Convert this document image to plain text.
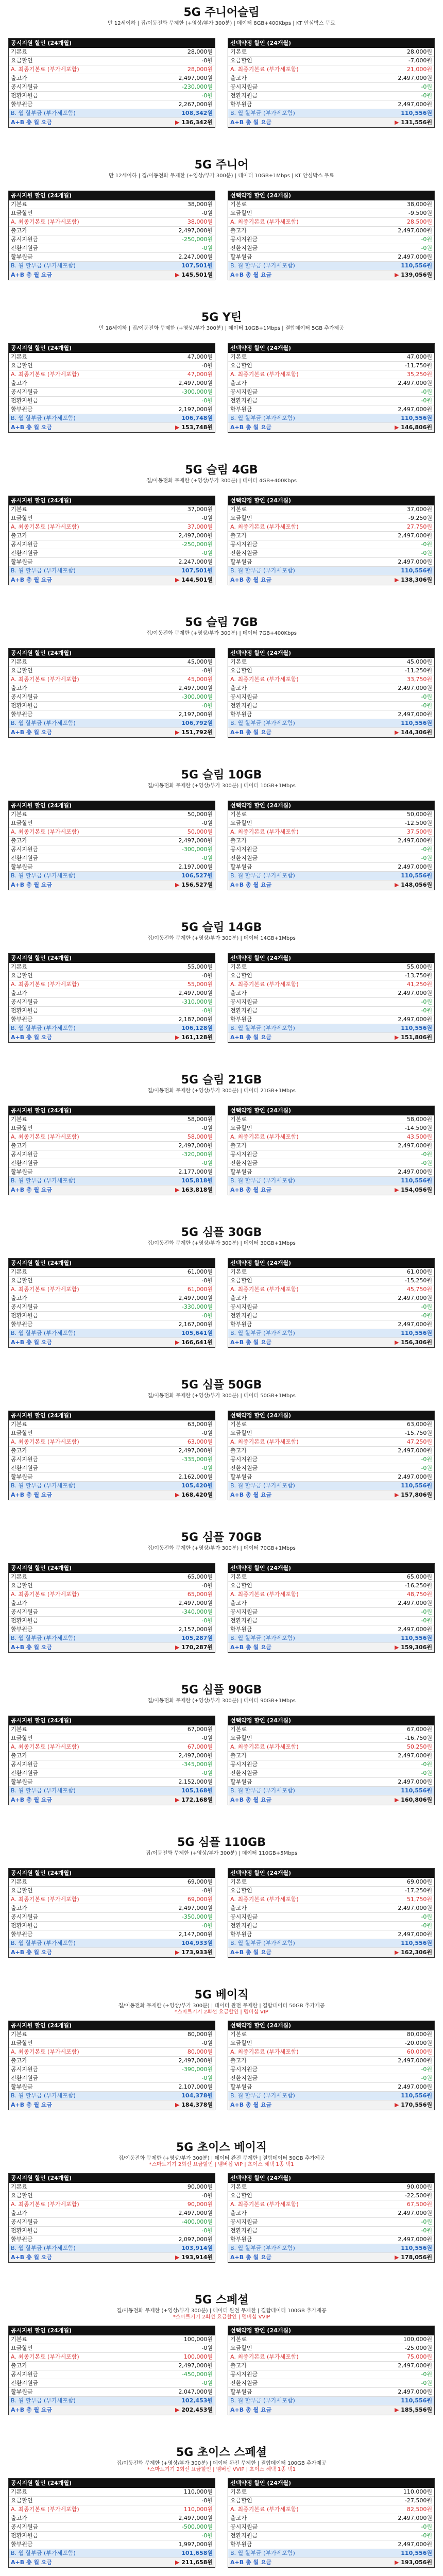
5G 주니어슬림
만 12세이하 | 집/이동전화 무제한 (+영상/부가 300분) | 데이터 8GB+400Kbps | KT 안심박스 무료
공시지원 할인 (24개월)
기본료	28,000원
요금할인	-0원
A. 최종기본료 (부가세포함)	28,000원
출고가	2,497,000원
공시지원금	-230,000원
전환지원금	-0원
할부원금	2,267,000원
B. 월 할부금 (부가세포함)	108,342원
A+B 총 월 요금	▶ 136,342원
선택약정 할인 (24개월)
기본료	28,000원
요금할인	-7,000원
A. 최종기본료 (부가세포함)	21,000원
출고가	2,497,000원
공시지원금	-0원
전환지원금	-0원
할부원금	2,497,000원
B. 월 할부금 (부가세포함)	110,556원
A+B 총 월 요금	▶ 131,556원
5G 주니어
만 12세이하 | 집/이동전화 무제한 (+영상/부가 300분) | 데이터 10GB+1Mbps | KT 안심박스 무료
공시지원 할인 (24개월)
기본료	38,000원
요금할인	-0원
A. 최종기본료 (부가세포함)	38,000원
출고가	2,497,000원
공시지원금	-250,000원
전환지원금	-0원
할부원금	2,247,000원
B. 월 할부금 (부가세포함)	107,501원
A+B 총 월 요금	▶ 145,501원
선택약정 할인 (24개월)
기본료	38,000원
요금할인	-9,500원
A. 최종기본료 (부가세포함)	28,500원
출고가	2,497,000원
공시지원금	-0원
전환지원금	-0원
할부원금	2,497,000원
B. 월 할부금 (부가세포함)	110,556원
A+B 총 월 요금	▶ 139,056원
5G Y틴
만 18세이하 | 집/이동전화 무제한 (+영상/부가 300분) | 데이터 10GB+1Mbps | 결합데이터 5GB 추가제공
공시지원 할인 (24개월)
기본료	47,000원
요금할인	-0원
A. 최종기본료 (부가세포함)	47,000원
출고가	2,497,000원
공시지원금	-300,000원
전환지원금	-0원
할부원금	2,197,000원
B. 월 할부금 (부가세포함)	106,748원
A+B 총 월 요금	▶ 153,748원
선택약정 할인 (24개월)
기본료	47,000원
요금할인	-11,750원
A. 최종기본료 (부가세포함)	35,250원
출고가	2,497,000원
공시지원금	-0원
전환지원금	-0원
할부원금	2,497,000원
B. 월 할부금 (부가세포함)	110,556원
A+B 총 월 요금	▶ 146,806원
5G 슬림 4GB
집/이동전화 무제한 (+영상/부가 300분) | 데이터 4GB+400Kbps
공시지원 할인 (24개월)
기본료	37,000원
요금할인	-0원
A. 최종기본료 (부가세포함)	37,000원
출고가	2,497,000원
공시지원금	-250,000원
전환지원금	-0원
할부원금	2,247,000원
B. 월 할부금 (부가세포함)	107,501원
A+B 총 월 요금	▶ 144,501원
선택약정 할인 (24개월)
기본료	37,000원
요금할인	-9,250원
A. 최종기본료 (부가세포함)	27,750원
출고가	2,497,000원
공시지원금	-0원
전환지원금	-0원
할부원금	2,497,000원
B. 월 할부금 (부가세포함)	110,556원
A+B 총 월 요금	▶ 138,306원
5G 슬림 7GB
집/이동전화 무제한 (+영상/부가 300분) | 데이터 7GB+400Kbps
공시지원 할인 (24개월)
기본료	45,000원
요금할인	-0원
A. 최종기본료 (부가세포함)	45,000원
출고가	2,497,000원
공시지원금	-300,000원
전환지원금	-0원
할부원금	2,197,000원
B. 월 할부금 (부가세포함)	106,792원
A+B 총 월 요금	▶ 151,792원
선택약정 할인 (24개월)
기본료	45,000원
요금할인	-11,250원
A. 최종기본료 (부가세포함)	33,750원
출고가	2,497,000원
공시지원금	-0원
전환지원금	-0원
할부원금	2,497,000원
B. 월 할부금 (부가세포함)	110,556원
A+B 총 월 요금	▶ 144,306원
5G 슬림 10GB
집/이동전화 무제한 (+영상/부가 300분) | 데이터 10GB+1Mbps
공시지원 할인 (24개월)
기본료	50,000원
요금할인	-0원
A. 최종기본료 (부가세포함)	50,000원
출고가	2,497,000원
공시지원금	-300,000원
전환지원금	-0원
할부원금	2,197,000원
B. 월 할부금 (부가세포함)	106,527원
A+B 총 월 요금	▶ 156,527원
선택약정 할인 (24개월)
기본료	50,000원
요금할인	-12,500원
A. 최종기본료 (부가세포함)	37,500원
출고가	2,497,000원
공시지원금	-0원
전환지원금	-0원
할부원금	2,497,000원
B. 월 할부금 (부가세포함)	110,556원
A+B 총 월 요금	▶ 148,056원
5G 슬림 14GB
집/이동전화 무제한 (+영상/부가 300분) | 데이터 14GB+1Mbps
공시지원 할인 (24개월)
기본료	55,000원
요금할인	-0원
A. 최종기본료 (부가세포함)	55,000원
출고가	2,497,000원
공시지원금	-310,000원
전환지원금	-0원
할부원금	2,187,000원
B. 월 할부금 (부가세포함)	106,128원
A+B 총 월 요금	▶ 161,128원
선택약정 할인 (24개월)
기본료	55,000원
요금할인	-13,750원
A. 최종기본료 (부가세포함)	41,250원
출고가	2,497,000원
공시지원금	-0원
전환지원금	-0원
할부원금	2,497,000원
B. 월 할부금 (부가세포함)	110,556원
A+B 총 월 요금	▶ 151,806원
5G 슬림 21GB
집/이동전화 무제한 (+영상/부가 300분) | 데이터 21GB+1Mbps
공시지원 할인 (24개월)
기본료	58,000원
요금할인	-0원
A. 최종기본료 (부가세포함)	58,000원
출고가	2,497,000원
공시지원금	-320,000원
전환지원금	-0원
할부원금	2,177,000원
B. 월 할부금 (부가세포함)	105,818원
A+B 총 월 요금	▶ 163,818원
선택약정 할인 (24개월)
기본료	58,000원
요금할인	-14,500원
A. 최종기본료 (부가세포함)	43,500원
출고가	2,497,000원
공시지원금	-0원
전환지원금	-0원
할부원금	2,497,000원
B. 월 할부금 (부가세포함)	110,556원
A+B 총 월 요금	▶ 154,056원
5G 심플 30GB
집/이동전화 무제한 (+영상/부가 300분) | 데이터 30GB+1Mbps
공시지원 할인 (24개월)
기본료	61,000원
요금할인	-0원
A. 최종기본료 (부가세포함)	61,000원
출고가	2,497,000원
공시지원금	-330,000원
전환지원금	-0원
할부원금	2,167,000원
B. 월 할부금 (부가세포함)	105,641원
A+B 총 월 요금	▶ 166,641원
선택약정 할인 (24개월)
기본료	61,000원
요금할인	-15,250원
A. 최종기본료 (부가세포함)	45,750원
출고가	2,497,000원
공시지원금	-0원
전환지원금	-0원
할부원금	2,497,000원
B. 월 할부금 (부가세포함)	110,556원
A+B 총 월 요금	▶ 156,306원
5G 심플 50GB
집/이동전화 무제한 (+영상/부가 300분) | 데이터 50GB+1Mbps
공시지원 할인 (24개월)
기본료	63,000원
요금할인	-0원
A. 최종기본료 (부가세포함)	63,000원
출고가	2,497,000원
공시지원금	-335,000원
전환지원금	-0원
할부원금	2,162,000원
B. 월 할부금 (부가세포함)	105,420원
A+B 총 월 요금	▶ 168,420원
선택약정 할인 (24개월)
기본료	63,000원
요금할인	-15,750원
A. 최종기본료 (부가세포함)	47,250원
출고가	2,497,000원
공시지원금	-0원
전환지원금	-0원
할부원금	2,497,000원
B. 월 할부금 (부가세포함)	110,556원
A+B 총 월 요금	▶ 157,806원
5G 심플 70GB
집/이동전화 무제한 (+영상/부가 300분) | 데이터 70GB+1Mbps
공시지원 할인 (24개월)
기본료	65,000원
요금할인	-0원
A. 최종기본료 (부가세포함)	65,000원
출고가	2,497,000원
공시지원금	-340,000원
전환지원금	-0원
할부원금	2,157,000원
B. 월 할부금 (부가세포함)	105,287원
A+B 총 월 요금	▶ 170,287원
선택약정 할인 (24개월)
기본료	65,000원
요금할인	-16,250원
A. 최종기본료 (부가세포함)	48,750원
출고가	2,497,000원
공시지원금	-0원
전환지원금	-0원
할부원금	2,497,000원
B. 월 할부금 (부가세포함)	110,556원
A+B 총 월 요금	▶ 159,306원
5G 심플 90GB
집/이동전화 무제한 (+영상/부가 300분) | 데이터 90GB+1Mbps
공시지원 할인 (24개월)
기본료	67,000원
요금할인	-0원
A. 최종기본료 (부가세포함)	67,000원
출고가	2,497,000원
공시지원금	-345,000원
전환지원금	-0원
할부원금	2,152,000원
B. 월 할부금 (부가세포함)	105,168원
A+B 총 월 요금	▶ 172,168원
선택약정 할인 (24개월)
기본료	67,000원
요금할인	-16,750원
A. 최종기본료 (부가세포함)	50,250원
출고가	2,497,000원
공시지원금	-0원
전환지원금	-0원
할부원금	2,497,000원
B. 월 할부금 (부가세포함)	110,556원
A+B 총 월 요금	▶ 160,806원
5G 심플 110GB
집/이동전화 무제한 (+영상/부가 300분) | 데이터 110GB+5Mbps
공시지원 할인 (24개월)
기본료	69,000원
요금할인	-0원
A. 최종기본료 (부가세포함)	69,000원
출고가	2,497,000원
공시지원금	-350,000원
전환지원금	-0원
할부원금	2,147,000원
B. 월 할부금 (부가세포함)	104,933원
A+B 총 월 요금	▶ 173,933원
선택약정 할인 (24개월)
기본료	69,000원
요금할인	-17,250원
A. 최종기본료 (부가세포함)	51,750원
출고가	2,497,000원
공시지원금	-0원
전환지원금	-0원
할부원금	2,497,000원
B. 월 할부금 (부가세포함)	110,556원
A+B 총 월 요금	▶ 162,306원
5G 베이직
집/이동전화 무제한 (+영상/부가 300분) | 데이터 완전 무제한 | 결합데이터 50GB 추가제공
*스마트기기 2회선 요금할인 | 멤버십 VIP
공시지원 할인 (24개월)
기본료	80,000원
요금할인	-0원
A. 최종기본료 (부가세포함)	80,000원
출고가	2,497,000원
공시지원금	-390,000원
전환지원금	-0원
할부원금	2,107,000원
B. 월 할부금 (부가세포함)	104,378원
A+B 총 월 요금	▶ 184,378원
선택약정 할인 (24개월)
기본료	80,000원
요금할인	-20,000원
A. 최종기본료 (부가세포함)	60,000원
출고가	2,497,000원
공시지원금	-0원
전환지원금	-0원
할부원금	2,497,000원
B. 월 할부금 (부가세포함)	110,556원
A+B 총 월 요금	▶ 170,556원
5G 초이스 베이직
집/이동전화 무제한 (+영상/부가 300분) | 데이터 완전 무제한 | 결합데이터 50GB 추가제공
*스마트기기 2회선 요금할인 | 멤버십 VIP | 초이스 혜택 1종 택1
공시지원 할인 (24개월)
기본료	90,000원
요금할인	-0원
A. 최종기본료 (부가세포함)	90,000원
출고가	2,497,000원
공시지원금	-400,000원
전환지원금	-0원
할부원금	2,097,000원
B. 월 할부금 (부가세포함)	103,914원
A+B 총 월 요금	▶ 193,914원
선택약정 할인 (24개월)
기본료	90,000원
요금할인	-22,500원
A. 최종기본료 (부가세포함)	67,500원
출고가	2,497,000원
공시지원금	-0원
전환지원금	-0원
할부원금	2,497,000원
B. 월 할부금 (부가세포함)	110,556원
A+B 총 월 요금	▶ 178,056원
5G 스페셜
집/이동전화 무제한 (+영상/부가 300분) | 데이터 완전 무제한 | 결합데이터 100GB 추가제공
*스마트기기 2회선 요금할인 | 멤버십 VVIP
공시지원 할인 (24개월)
기본료	100,000원
요금할인	-0원
A. 최종기본료 (부가세포함)	100,000원
출고가	2,497,000원
공시지원금	-450,000원
전환지원금	-0원
할부원금	2,047,000원
B. 월 할부금 (부가세포함)	102,453원
A+B 총 월 요금	▶ 202,453원
선택약정 할인 (24개월)
기본료	100,000원
요금할인	-25,000원
A. 최종기본료 (부가세포함)	75,000원
출고가	2,497,000원
공시지원금	-0원
전환지원금	-0원
할부원금	2,497,000원
B. 월 할부금 (부가세포함)	110,556원
A+B 총 월 요금	▶ 185,556원
5G 초이스 스페셜
집/이동전화 무제한 (+영상/부가 300분) | 데이터 완전 무제한 | 결합데이터 100GB 추가제공
*스마트기기 2회선 요금할인 | 멤버십 VVIP | 초이스 혜택 1종 택1
공시지원 할인 (24개월)
기본료	110,000원
요금할인	-0원
A. 최종기본료 (부가세포함)	110,000원
출고가	2,497,000원
공시지원금	-500,000원
전환지원금	-0원
할부원금	1,997,000원
B. 월 할부금 (부가세포함)	101,658원
A+B 총 월 요금	▶ 211,658원
선택약정 할인 (24개월)
기본료	110,000원
요금할인	-27,500원
A. 최종기본료 (부가세포함)	82,500원
출고가	2,497,000원
공시지원금	-0원
전환지원금	-0원
할부원금	2,497,000원
B. 월 할부금 (부가세포함)	110,556원
A+B 총 월 요금	▶ 193,056원
